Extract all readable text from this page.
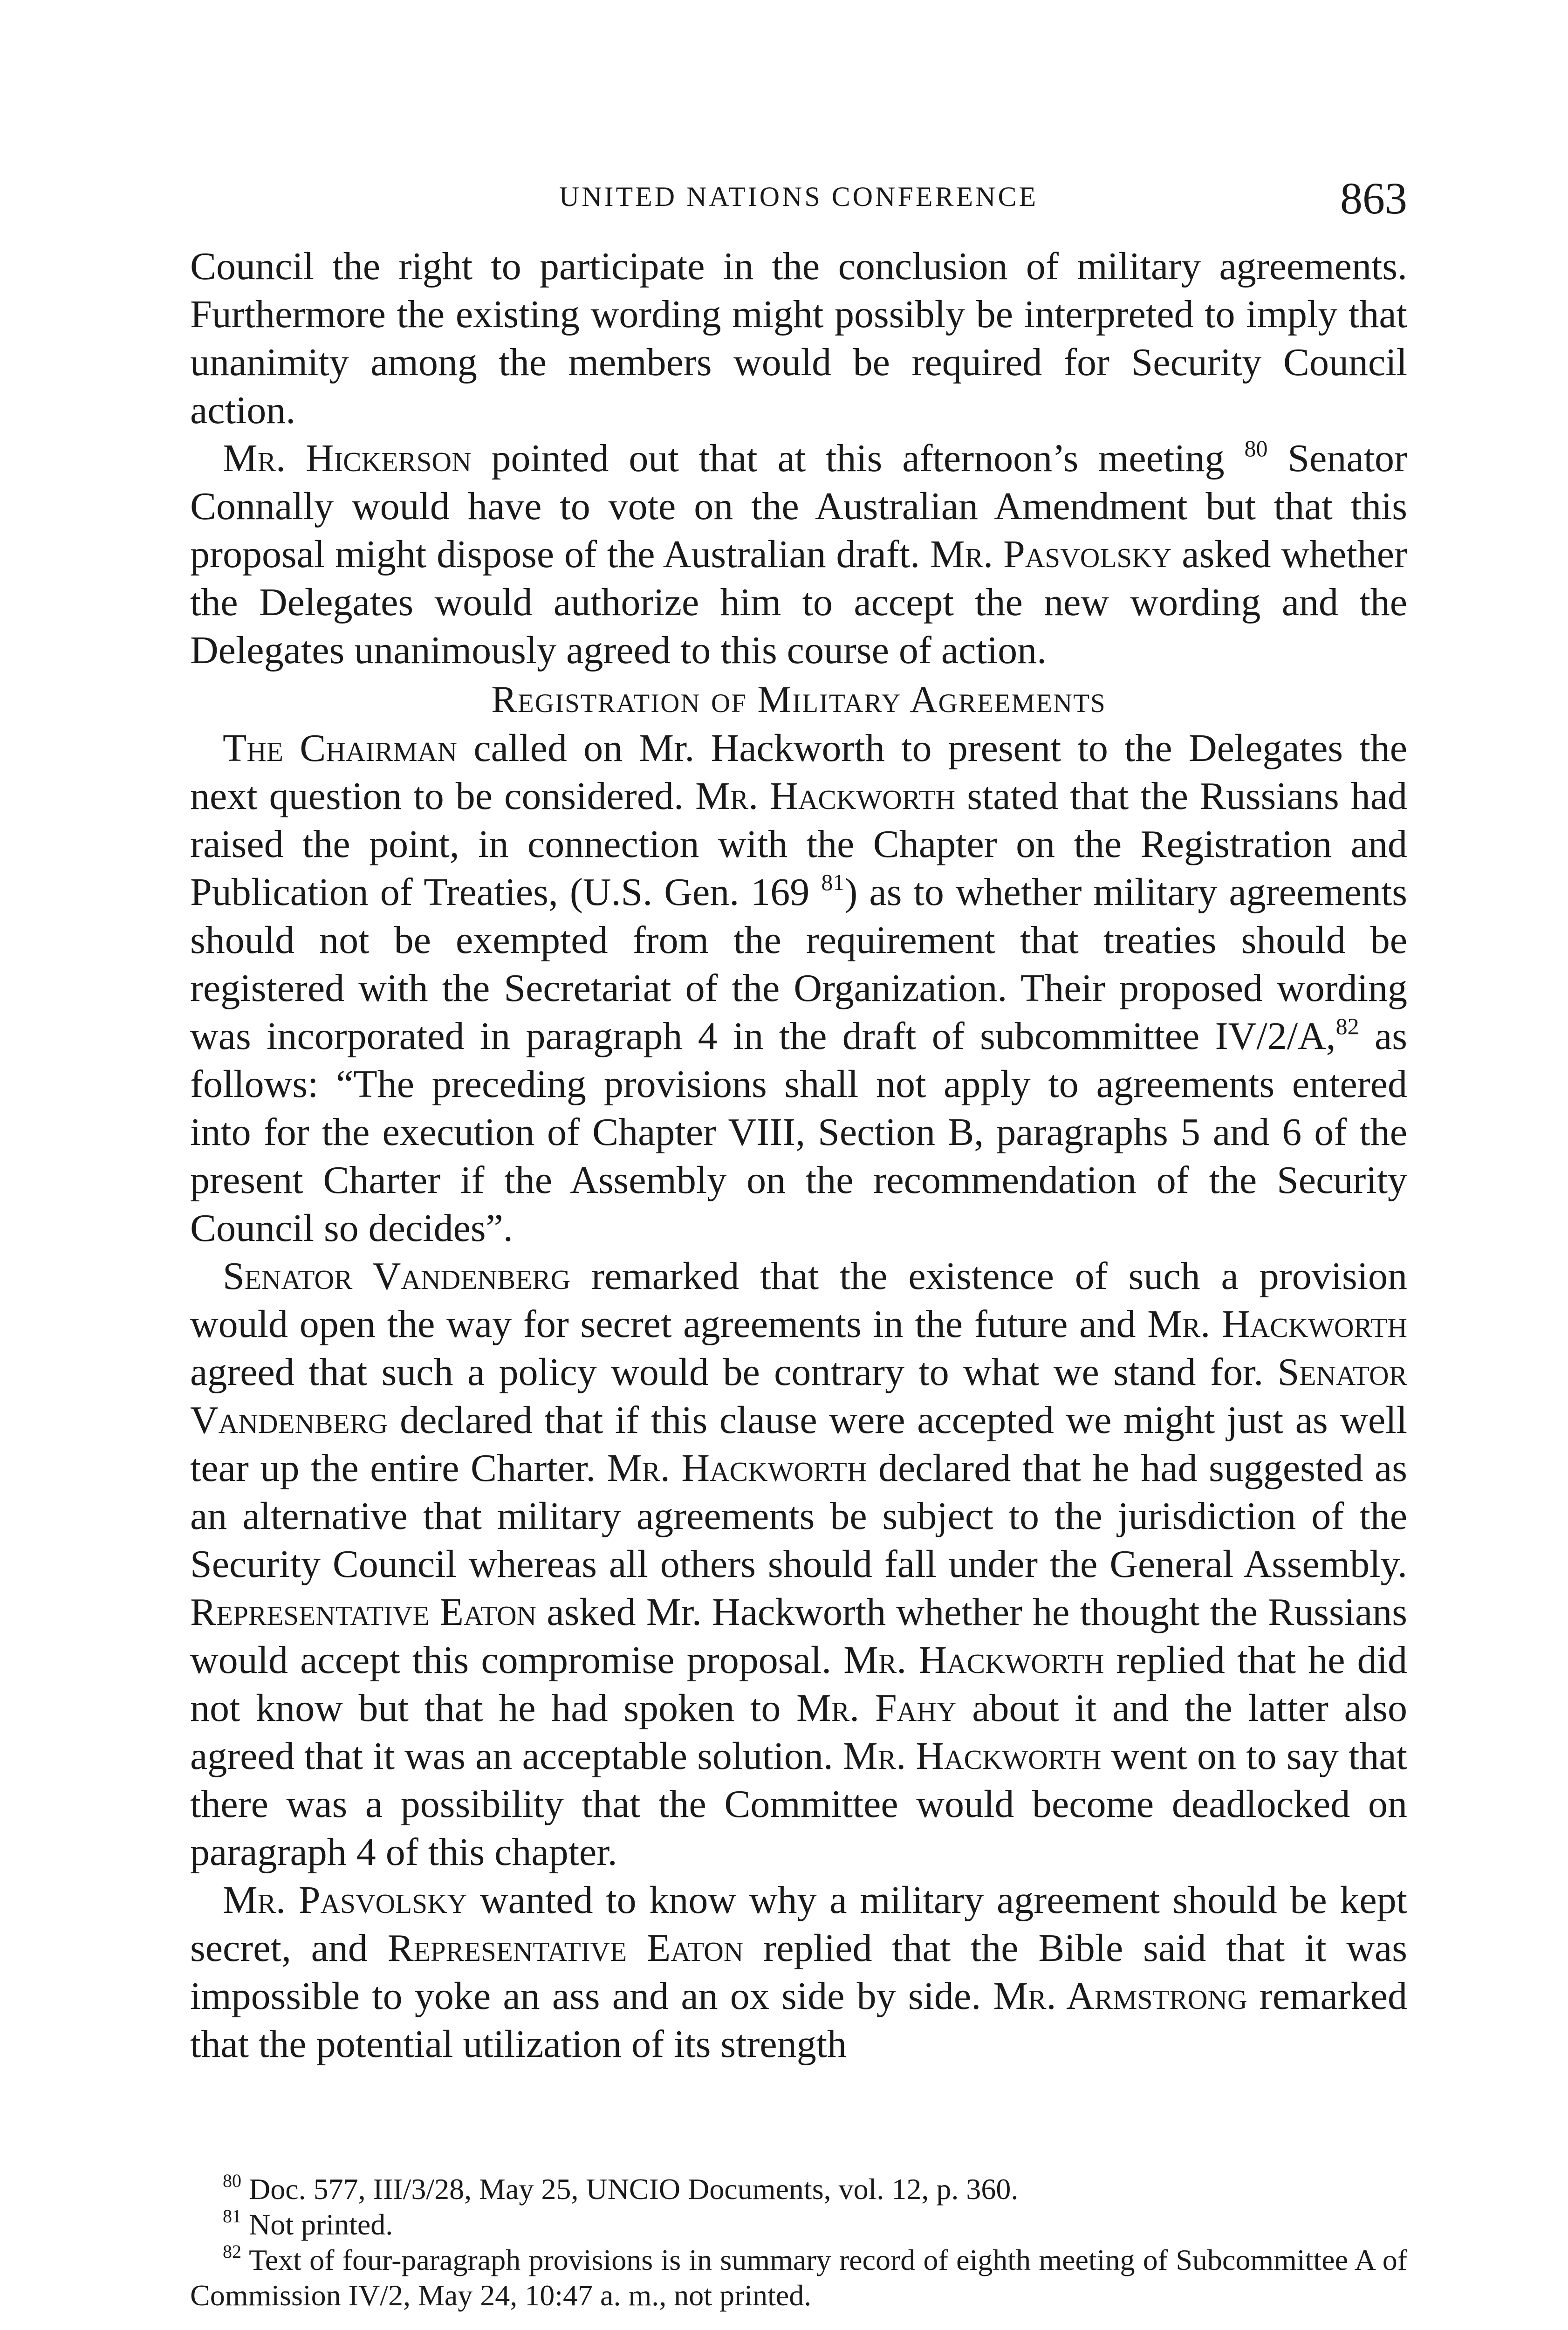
UNITED NATIONS CONFERENCE	863

Council the right to participate in the conclusion of military agreements. Furthermore the existing wording might possibly be interpreted to imply that unanimity among the members would be required for Security Council action.

Mr. Hickerson pointed out that at this afternoon’s meeting $^{80}$ Senator Connally would have to vote on the Australian Amendment but that this proposal might dispose of the Australian draft. Mr. Pasvolsky asked whether the Delegates would authorize him to accept the new wording and the Delegates unanimously agreed to this course of action.

Registration of Military Agreements

The Chairman called on Mr. Hackworth to present to the Delegates the next question to be considered. Mr. Hackworth stated that the Russians had raised the point, in connection with the Chapter on the Registration and Publication of Treaties, (U.S. Gen. 169 $^{81}$) as to whether military agreements should not be exempted from the requirement that treaties should be registered with the Secretariat of the Organization. Their proposed wording was incorporated in paragraph 4 in the draft of subcommittee IV/2/A,$^{82}$ as follows: “The preceding provisions shall not apply to agreements entered into for the execution of Chapter VIII, Section B, paragraphs 5 and 6 of the present Charter if the Assembly on the recommendation of the Security Council so decides”.

Senator Vandenberg remarked that the existence of such a provision would open the way for secret agreements in the future and Mr. Hackworth agreed that such a policy would be contrary to what we stand for. Senator Vandenberg declared that if this clause were accepted we might just as well tear up the entire Charter. Mr. Hackworth declared that he had suggested as an alternative that military agreements be subject to the jurisdiction of the Security Council whereas all others should fall under the General Assembly. Representative Eaton asked Mr. Hackworth whether he thought the Russians would accept this compromise proposal. Mr. Hackworth replied that he did not know but that he had spoken to Mr. Fahy about it and the latter also agreed that it was an acceptable solution. Mr. Hackworth went on to say that there was a possibility that the Committee would become deadlocked on paragraph 4 of this chapter.

Mr. Pasvolsky wanted to know why a military agreement should be kept secret, and Representative Eaton replied that the Bible said that it was impossible to yoke an ass and an ox side by side. Mr. Armstrong remarked that the potential utilization of its strength

$^{80}$ Doc. 577, III/3/28, May 25, UNCIO Documents, vol. 12, p. 360.

$^{81}$ Not printed.

$^{82}$ Text of four-paragraph provisions is in summary record of eighth meeting of Subcommittee A of Commission IV/2, May 24, 10:47 a. m., not printed.
